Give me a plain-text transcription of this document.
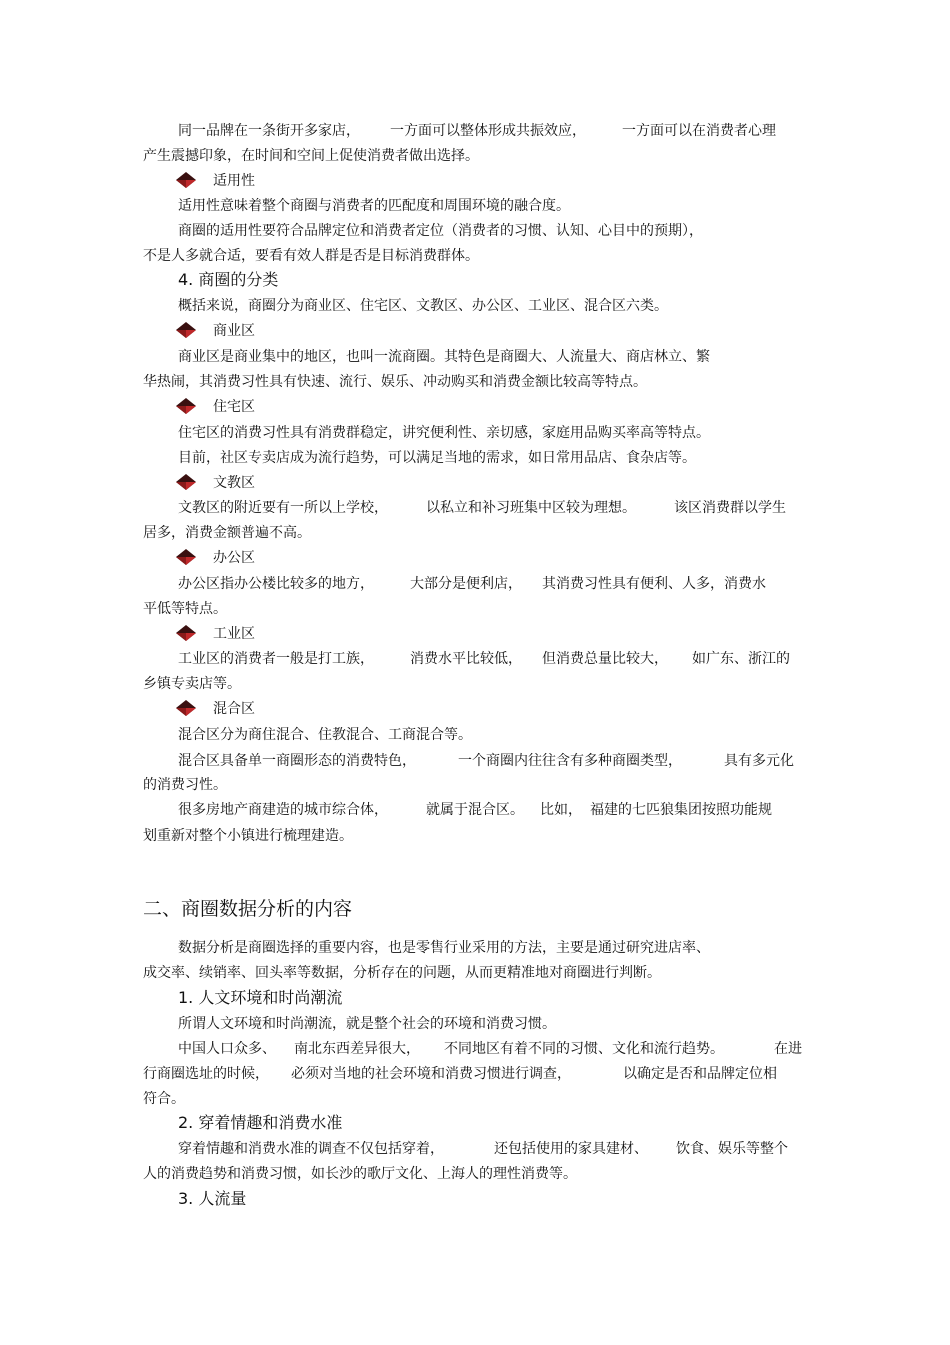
同一品牌在一条街开多家店， 一方面可以整体形成共振效应，	一方面可以在消费者心理
产生震撼印象，在时间和空间上促使消费者做出选择。
适用性
适用性意味着整个商圈与消费者的匹配度和周围环境的融合度。
商圈的适用性要符合品牌定位和消费者定位（消费者的习惯、认知、心目中的预期），
不是人多就合适，要看有效人群是否是目标消费群体。
4. 商圈的分类
概括来说，商圈分为商业区、住宅区、文教区、办公区、工业区、混合区六类。
商业区
商业区是商业集中的地区，也叫一流商圈。其特色是商圈大、人流量大、商店林立、繁
华热闹，其消费习性具有快速、流行、娱乐、冲动购买和消费金额比较高等特点。
住宅区
住宅区的消费习性具有消费群稳定，讲究便利性、亲切感，家庭用品购买率高等特点。
目前，社区专卖店成为流行趋势，可以满足当地的需求，如日常用品店、食杂店等。
文教区
文教区的附近要有一所以上学校，	以私立和补习班集中区较为理想。	该区消费群以学生
居多，消费金额普遍不高。
办公区
办公区指办公楼比较多的地方，	大部分是便利店， 其消费习性具有便利、人多，消费水
平低等特点。
工业区
工业区的消费者一般是打工族，	消费水平比较低， 但消费总量比较大， 如广东、浙江的
乡镇专卖店等。
混合区
混合区分为商住混合、住教混合、工商混合等。
混合区具备单一商圈形态的消费特色，	一个商圈内往往含有多种商圈类型，	具有多元化
的消费习性。
很多房地产商建造的城市综合体，	就属于混合区。 比如， 福建的七匹狼集团按照功能规
划重新对整个小镇进行梳理建造。
二、商圈数据分析的内容
数据分析是商圈选择的重要内容，也是零售行业采用的方法，主要是通过研究进店率、
成交率、续销率、回头率等数据，分析存在的问题，从而更精准地对商圈进行判断。
1. 人文环境和时尚潮流
所谓人文环境和时尚潮流，就是整个社会的环境和消费习惯。
中国人口众多、 南北东西差异很大， 不同地区有着不同的习惯、文化和流行趋势。	在进
行商圈选址的时候， 必须对当地的社会环境和消费习惯进行调查，	以确定是否和品牌定位相
符合。
2. 穿着情趣和消费水准
穿着情趣和消费水准的调查不仅包括穿着，	还包括使用的家具建材、 饮食、娱乐等整个
人的消费趋势和消费习惯，如长沙的歌厅文化、上海人的理性消费等。
3. 人流量
